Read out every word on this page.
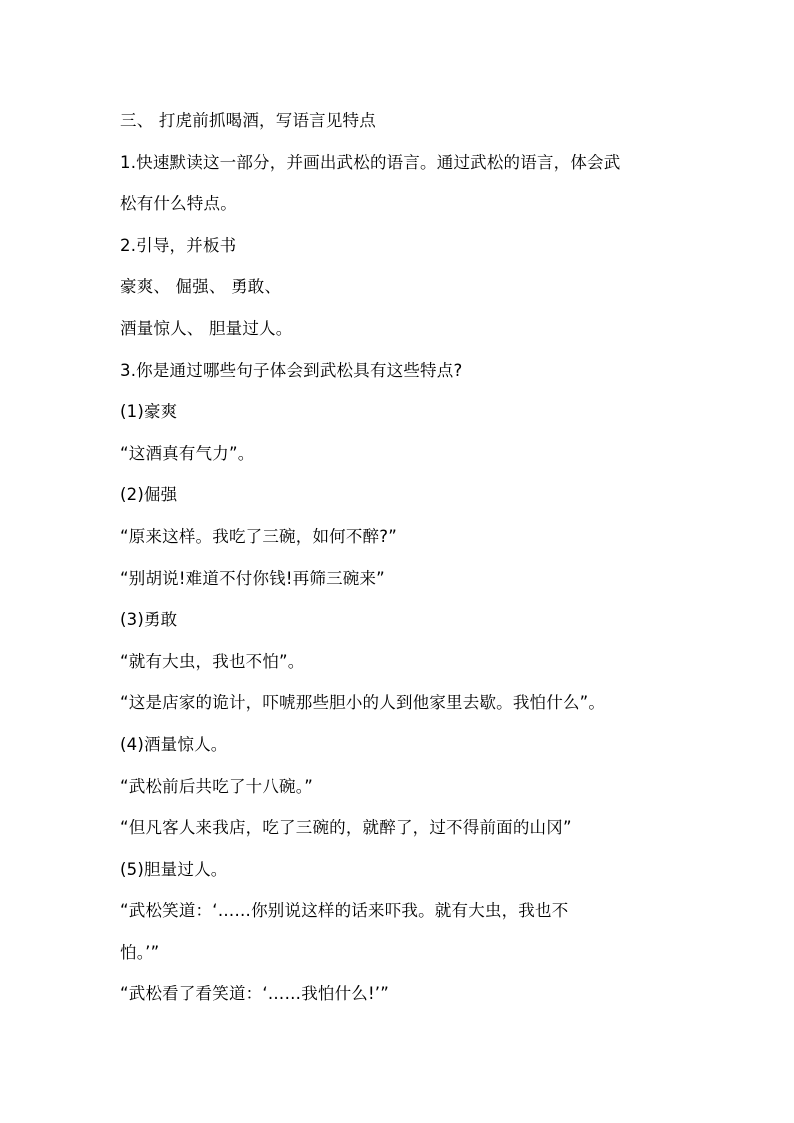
三、 打虎前抓喝酒，写语言见特点
1.快速默读这一部分，并画出武松的语言。通过武松的语言，体会武
松有什么特点。
2.引导，并板书
豪爽、 倔强、 勇敢、
酒量惊人、 胆量过人。
3.你是通过哪些句子体会到武松具有这些特点?
(1)豪爽
“这酒真有气力”。
(2)倔强
“原来这样。我吃了三碗，如何不醉?”
“别胡说!难道不付你钱!再筛三碗来”
(3)勇敢
“就有大虫，我也不怕”。
“这是店家的诡计，吓唬那些胆小的人到他家里去歇。我怕什么”。
(4)酒量惊人。
“武松前后共吃了十八碗。”
“但凡客人来我店，吃了三碗的，就醉了，过不得前面的山冈”
(5)胆量过人。
“武松笑道：‘……你别说这样的话来吓我。就有大虫，我也不
怕。’”
“武松看了看笑道：‘……我怕什么!’”
